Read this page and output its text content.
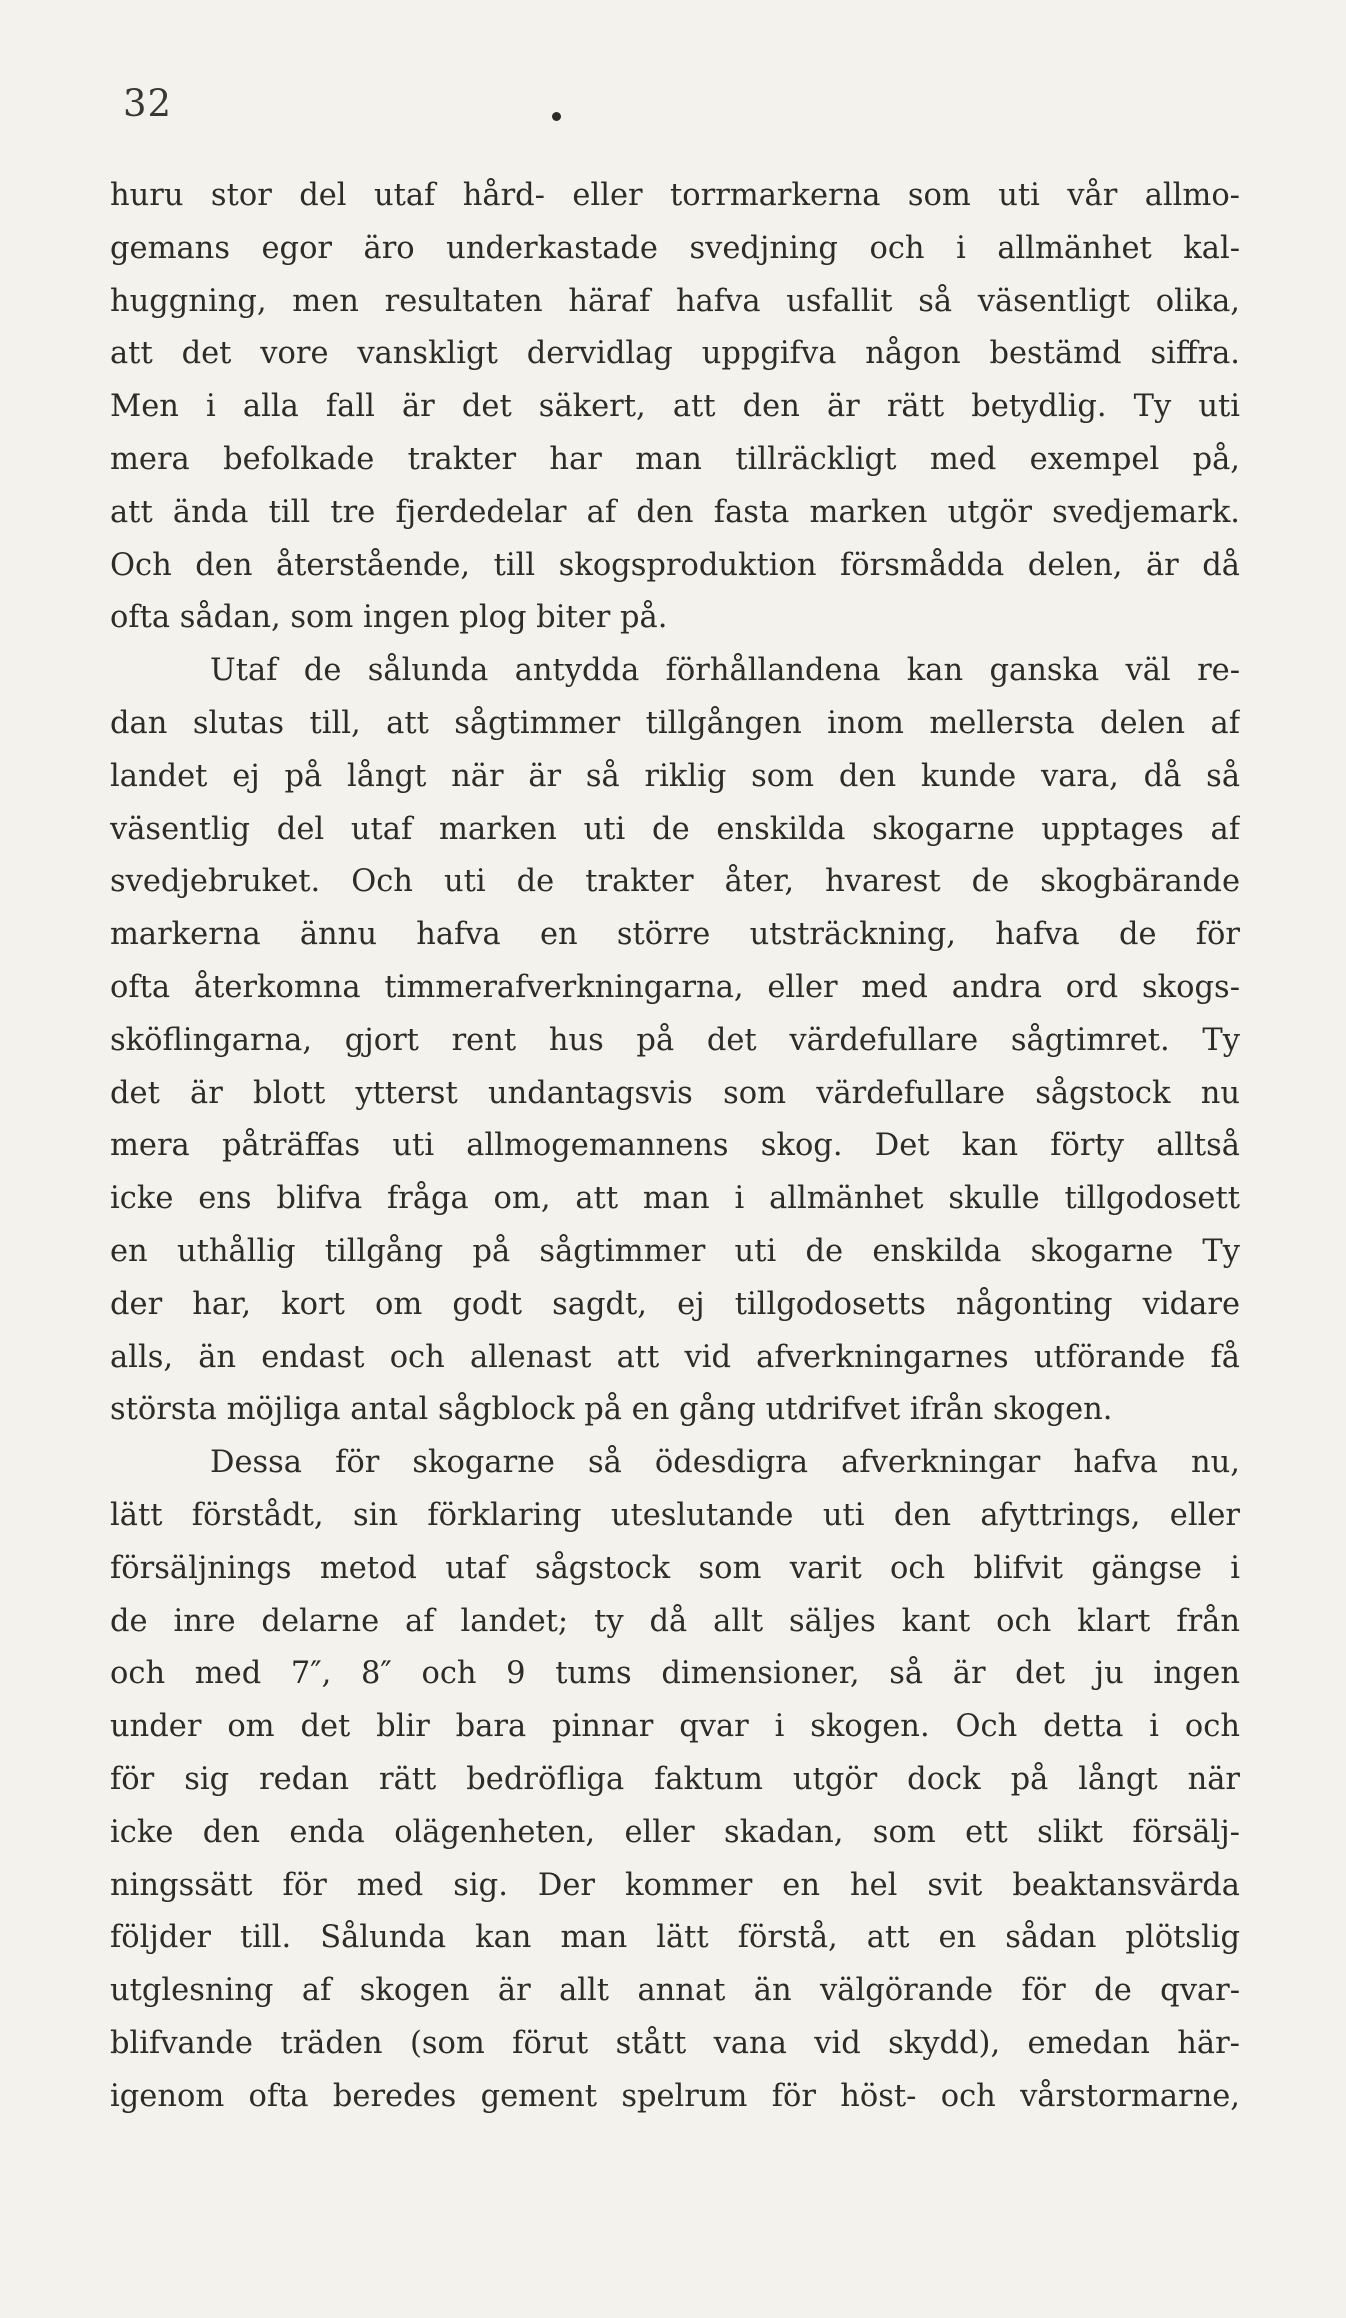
32
huru stor del utaf hård- eller torrmarkerna som uti vår allmo-
gemans egor äro underkastade svedjning och i allmänhet kal-
huggning, men resultaten häraf hafva usfallit så väsentligt olika,
att det vore vanskligt dervidlag uppgifva någon bestämd siffra.
Men i alla fall är det säkert, att den är rätt betydlig. Ty uti
mera befolkade trakter har man tillräckligt med exempel på,
att ända till tre fjerdedelar af den fasta marken utgör svedjemark.
Och den återstående, till skogsproduktion försmådda delen, är då
ofta sådan, som ingen plog biter på.
Utaf de sålunda antydda förhållandena kan ganska väl re-
dan slutas till, att sågtimmer tillgången inom mellersta delen af
landet ej på långt när är så riklig som den kunde vara, då så
väsentlig del utaf marken uti de enskilda skogarne upptages af
svedjebruket. Och uti de trakter åter, hvarest de skogbärande
markerna ännu hafva en större utsträckning, hafva de för
ofta återkomna timmerafverkningarna, eller med andra ord skogs-
sköflingarna, gjort rent hus på det värdefullare sågtimret. Ty
det är blott ytterst undantagsvis som värdefullare sågstock nu
mera påträffas uti allmogemannens skog. Det kan förty alltså
icke ens blifva fråga om, att man i allmänhet skulle tillgodosett
en uthållig tillgång på sågtimmer uti de enskilda skogarne Ty
der har, kort om godt sagdt, ej tillgodosetts någonting vidare
alls, än endast och allenast att vid afverkningarnes utförande få
största möjliga antal sågblock på en gång utdrifvet ifrån skogen.
Dessa för skogarne så ödesdigra afverkningar hafva nu,
lätt förstådt, sin förklaring uteslutande uti den afyttrings, eller
försäljnings metod utaf sågstock som varit och blifvit gängse i
de inre delarne af landet; ty då allt säljes kant och klart från
och med 7″, 8″ och 9 tums dimensioner, så är det ju ingen
under om det blir bara pinnar qvar i skogen. Och detta i och
för sig redan rätt bedröfliga faktum utgör dock på långt när
icke den enda olägenheten, eller skadan, som ett slikt försälj-
ningssätt för med sig. Der kommer en hel svit beaktansvärda
följder till. Sålunda kan man lätt förstå, att en sådan plötslig
utglesning af skogen är allt annat än välgörande för de qvar-
blifvande träden (som förut stått vana vid skydd), emedan här-
igenom ofta beredes gement spelrum för höst- och vårstormarne,
